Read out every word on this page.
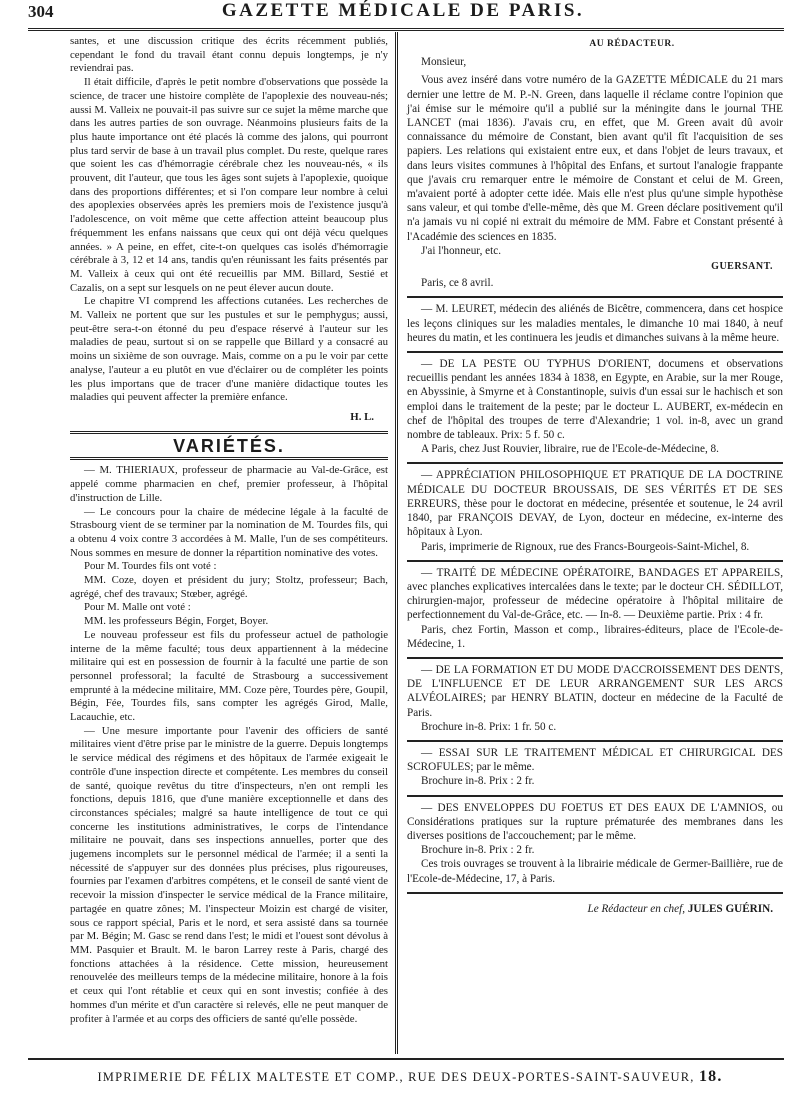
304	GAZETTE MÉDICALE DE PARIS.

santes, et une discussion critique des écrits récemment publiés, cependant le fond du travail étant connu depuis longtemps, je n'y reviendrai pas.

Il était difficile, d'après le petit nombre d'observations que possède la science, de tracer une histoire complète de l'apoplexie des nouveau-nés; aussi M. Valleix ne pouvait-il pas suivre sur ce sujet la même marche que dans les autres parties de son ouvrage. Néanmoins plusieurs faits de la plus haute importance ont été placés là comme des jalons, qui pourront plus tard servir de base à un travail plus complet. Du reste, quelque rares que soient les cas d'hémorragie cérébrale chez les nouveau-nés, « ils prouvent, dit l'auteur, que tous les âges sont sujets à l'apoplexie, quoique dans des proportions différentes; et si l'on compare leur nombre à celui des apoplexies observées après les premiers mois de l'existence jusqu'à l'adolescence, on voit même que cette affection atteint beaucoup plus fréquemment les enfans naissans que ceux qui ont déjà vécu quelques années. » A peine, en effet, cite-t-on quelques cas isolés d'hémorragie cérébrale à 3, 12 et 14 ans, tandis qu'en réunissant les faits présentés par M. Valleix à ceux qui ont été recueillis par MM. Billard, Sestié et Cazalis, on a sept sur lesquels on ne peut élever aucun doute.

Le chapitre VI comprend les affections cutanées. Les recherches de M. Valleix ne portent que sur les pustules et sur le pemphygus; aussi, peut-être sera-t-on étonné du peu d'espace réservé à l'auteur sur les maladies de peau, surtout si on se rappelle que Billard y a consacré au moins un sixième de son ouvrage. Mais, comme on a pu le voir par cette analyse, l'auteur a eu plutôt en vue d'éclairer ou de compléter les points les plus importans que de tracer d'une manière didactique toutes les maladies qui peuvent affecter la première enfance.

H. L.

VARIÉTÉS.

— M. THIERIAUX, professeur de pharmacie au Val-de-Grâce, est appelé comme pharmacien en chef, premier professeur, à l'hôpital d'instruction de Lille.

— Le concours pour la chaire de médecine légale à la faculté de Strasbourg vient de se terminer par la nomination de M. Tourdes fils, qui a obtenu 4 voix contre 3 accordées à M. Malle, l'un de ses compétiteurs. Nous sommes en mesure de donner la répartition nominative des votes.

Pour M. Tourdes fils ont voté :

MM. Coze, doyen et président du jury; Stoltz, professeur; Bach, agrégé, chef des travaux; Stœber, agrégé.

Pour M. Malle ont voté :

MM. les professeurs Bégin, Forget, Boyer.

Le nouveau professeur est fils du professeur actuel de pathologie interne de la même faculté; tous deux appartiennent à la médecine militaire qui est en possession de fournir à la faculté une partie de son personnel professoral; la faculté de Strasbourg a successivement emprunté à la médecine militaire, MM. Coze père, Tourdes père, Goupil, Bégin, Fée, Tourdes fils, sans compter les agrégés Girod, Malle, Lacauchie, etc.

— Une mesure importante pour l'avenir des officiers de santé militaires vient d'être prise par le ministre de la guerre. Depuis longtemps le service médical des régimens et des hôpitaux de l'armée exigeait le contrôle d'une inspection directe et compétente. Les membres du conseil de santé, quoique revêtus du titre d'inspecteurs, n'en ont rempli les fonctions, depuis 1816, que d'une manière exceptionnelle et dans des circonstances spéciales; malgré sa haute intelligence de tout ce qui concerne les institutions administratives, le corps de l'intendance militaire ne pouvait, dans ses inspections annuelles, porter que des jugemens incomplets sur le personnel médical de l'armée; il a senti la nécessité de s'appuyer sur des données plus précises, plus rigoureuses, fournies par l'examen d'arbitres compétens, et le conseil de santé vient de recevoir la mission d'inspecter le service médical de la France militaire, partagée en quatre zônes; M. l'inspecteur Moizin est chargé de visiter, sous ce rapport spécial, Paris et le nord, et sera assisté dans sa tournée par M. Bégin; M. Gasc se rend dans l'est; le midi et l'ouest sont dévolus à MM. Pasquier et Brault. M. le baron Larrey reste à Paris, chargé des fonctions attachées à la résidence. Cette mission, heureusement renouvelée des meilleurs temps de la médecine militaire, honore à la fois et ceux qui l'ont rétablie et ceux qui en sont investis; confiée à des hommes d'un mérite et d'un caractère si relevés, elle ne peut manquer de profiter à l'armée et au corps des officiers de santé qu'elle possède.

AU RÉDACTEUR.

Monsieur,

Vous avez inséré dans votre numéro de la GAZETTE MÉDICALE du 21 mars dernier une lettre de M. P.-N. Green, dans laquelle il réclame contre l'opinion que j'ai émise sur le mémoire qu'il a publié sur la méningite dans le journal THE LANCET (mai 1836). J'avais cru, en effet, que M. Green avait dû avoir connaissance du mémoire de Constant, bien avant qu'il fît l'acquisition de ses papiers. Les relations qui existaient entre eux, et dans l'objet de leurs travaux, et dans leurs visites communes à l'hôpital des Enfans, et surtout l'analogie frappante que j'avais cru remarquer entre le mémoire de Constant et celui de M. Green, m'avaient porté à adopter cette idée. Mais elle n'est plus qu'une simple hypothèse sans valeur, et qui tombe d'elle-même, dès que M. Green déclare positivement qu'il n'a jamais vu ni copié ni extrait du mémoire de MM. Fabre et Constant présenté à l'Académie des sciences en 1835.

J'ai l'honneur, etc.

GUERSANT.

Paris, ce 8 avril.

— M. LEURET, médecin des aliénés de Bicêtre, commencera, dans cet hospice les leçons cliniques sur les maladies mentales, le dimanche 10 mai 1840, à neuf heures du matin, et les continuera les jeudis et dimanches suivans à la même heure.

— DE LA PESTE OU TYPHUS D'ORIENT, documens et observations recueillis pendant les années 1834 à 1838, en Egypte, en Arabie, sur la mer Rouge, en Abyssinie, à Smyrne et à Constantinople, suivis d'un essai sur le hachisch et son emploi dans le traitement de la peste; par le docteur L. AUBERT, ex-médecin en chef de l'hôpital des troupes de terre d'Alexandrie; 1 vol. in-8, avec un grand nombre de tableaux. Prix: 5 f. 50 c.

A Paris, chez Just Rouvier, libraire, rue de l'Ecole-de-Médecine, 8.

— APPRÉCIATION PHILOSOPHIQUE ET PRATIQUE DE LA DOCTRINE MÉDICALE DU DOCTEUR BROUSSAIS, DE SES VÉRITÉS ET DE SES ERREURS, thèse pour le doctorat en médecine, présentée et soutenue, le 24 avril 1840, par FRANÇOIS DEVAY, de Lyon, docteur en médecine, ex-interne des hôpitaux à Lyon.

Paris, imprimerie de Rignoux, rue des Francs-Bourgeois-Saint-Michel, 8.

— TRAITÉ DE MÉDECINE OPÉRATOIRE, BANDAGES ET APPAREILS, avec planches explicatives intercalées dans le texte; par le docteur CH. SÉDILLOT, chirurgien-major, professeur de médecine opératoire à l'hôpital militaire de perfectionnement du Val-de-Grâce, etc. — In-8. — Deuxième partie. Prix : 4 fr.

Paris, chez Fortin, Masson et comp., libraires-éditeurs, place de l'Ecole-de-Médecine, 1.

— DE LA FORMATION ET DU MODE D'ACCROISSEMENT DES DENTS, DE L'INFLUENCE ET DE LEUR ARRANGEMENT SUR LES ARCS ALVÉOLAIRES; par HENRY BLATIN, docteur en médecine de la Faculté de Paris.

Brochure in-8. Prix: 1 fr. 50 c.

— ESSAI SUR LE TRAITEMENT MÉDICAL ET CHIRURGICAL DES SCROFULES; par le même.

Brochure in-8. Prix : 2 fr.

— DES ENVELOPPES DU FOETUS ET DES EAUX DE L'AMNIOS, ou Considérations pratiques sur la rupture prématurée des membranes dans les diverses positions de l'accouchement; par le même.

Brochure in-8. Prix : 2 fr.

Ces trois ouvrages se trouvent à la librairie médicale de Germer-Baillière, rue de l'Ecole-de-Médecine, 17, à Paris.

Le Rédacteur en chef, JULES GUÉRIN.

IMPRIMERIE DE FÉLIX MALTESTE ET COMP., RUE DES DEUX-PORTES-SAINT-SAUVEUR, 18.
